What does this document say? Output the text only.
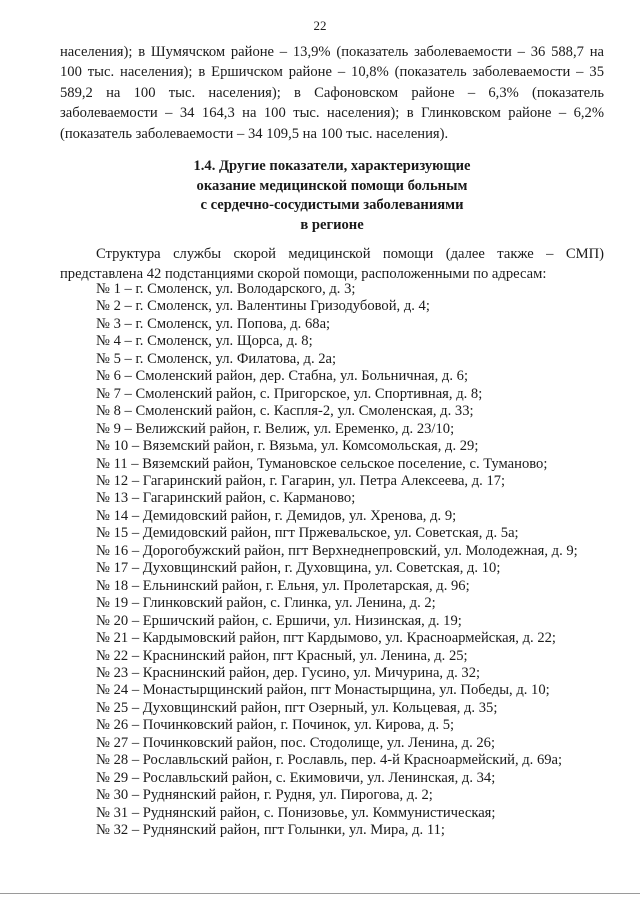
22

населения); в Шумячском районе – 13,9% (показатель заболеваемости – 36 588,7 на 100 тыс. населения); в Ершичском районе – 10,8% (показатель заболеваемости – 35 589,2 на 100 тыс. населения); в Сафоновском районе – 6,3% (показатель заболеваемости – 34 164,3 на 100 тыс. населения); в Глинковском районе – 6,2% (показатель заболеваемости – 34 109,5 на 100 тыс. населения).

1.4. Другие показатели, характеризующие
оказание медицинской помощи больным
с сердечно-сосудистыми заболеваниями
в регионе

Структура службы скорой медицинской помощи (далее также – СМП) представлена 42 подстанциями скорой помощи, расположенными по адресам:

№ 1 – г. Смоленск, ул. Володарского, д. 3;
№ 2 – г. Смоленск, ул. Валентины Гризодубовой, д. 4;
№ 3 – г. Смоленск, ул. Попова, д. 68а;
№ 4 – г. Смоленск, ул. Щорса, д. 8;
№ 5 – г. Смоленск, ул. Филатова, д. 2а;
№ 6 – Смоленский район, дер. Стабна, ул. Больничная, д. 6;
№ 7 – Смоленский район, с. Пригорское, ул. Спортивная, д. 8;
№ 8 – Смоленский район, с. Каспля-2, ул. Смоленская, д. 33;
№ 9 – Велижский район, г. Велиж, ул. Еременко, д. 23/10;
№ 10 – Вяземский район, г. Вязьма, ул. Комсомольская, д. 29;
№ 11 – Вяземский район, Тумановское сельское поселение, с. Туманово;
№ 12 – Гагаринский район, г. Гагарин, ул. Петра Алексеева, д. 17;
№ 13 – Гагаринский район, с. Карманово;
№ 14 – Демидовский район, г. Демидов, ул. Хренова, д. 9;
№ 15 – Демидовский район, пгт Пржевальское, ул. Советская, д. 5а;
№ 16 – Дорогобужский район, пгт Верхнеднепровский, ул. Молодежная, д. 9;
№ 17 – Духовщинский район, г. Духовщина, ул. Советская, д. 10;
№ 18 – Ельнинский район, г. Ельня, ул. Пролетарская, д. 96;
№ 19 – Глинковский район, с. Глинка, ул. Ленина, д. 2;
№ 20 – Ершичский район, с. Ершичи, ул. Низинская, д. 19;
№ 21 – Кардымовский район, пгт Кардымово, ул. Красноармейская, д. 22;
№ 22 – Краснинский район, пгт Красный, ул. Ленина, д. 25;
№ 23 – Краснинский район, дер. Гусино, ул. Мичурина, д. 32;
№ 24 – Монастырщинский район, пгт Монастырщина, ул. Победы, д. 10;
№ 25 – Духовщинский район, пгт Озерный, ул. Кольцевая, д. 35;
№ 26 – Починковский район, г. Починок, ул. Кирова, д. 5;
№ 27 – Починковский район, пос. Стодолище, ул. Ленина, д. 26;
№ 28 – Рославльский район, г. Рославль, пер. 4-й Красноармейский, д. 69а;
№ 29 – Рославльский район, с. Екимовичи, ул. Ленинская, д. 34;
№ 30 – Руднянский район, г. Рудня, ул. Пирогова, д. 2;
№ 31 – Руднянский район, с. Понизовье, ул. Коммунистическая;
№ 32 – Руднянский район, пгт Голынки, ул. Мира, д. 11;
